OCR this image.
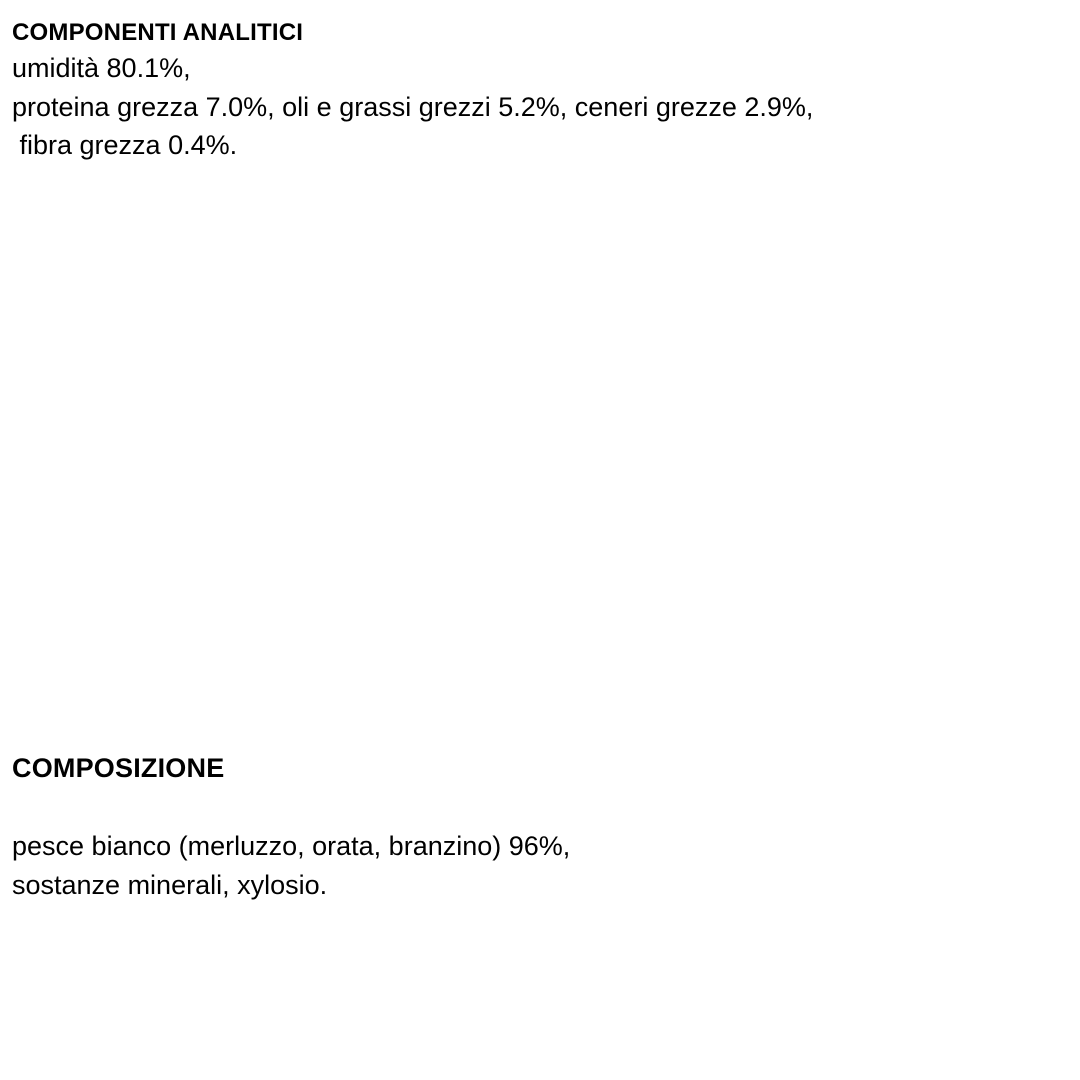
COMPONENTI ANALITICI

umidità 80.1%,

proteina grezza 7.0%, oli e grassi grezzi 5.2%, ceneri grezze 2.9%,

fibra grezza 0.4%.

COMPOSIZIONE

pesce bianco (merluzzo, orata, branzino) 96%,

sostanze minerali, xylosio.
